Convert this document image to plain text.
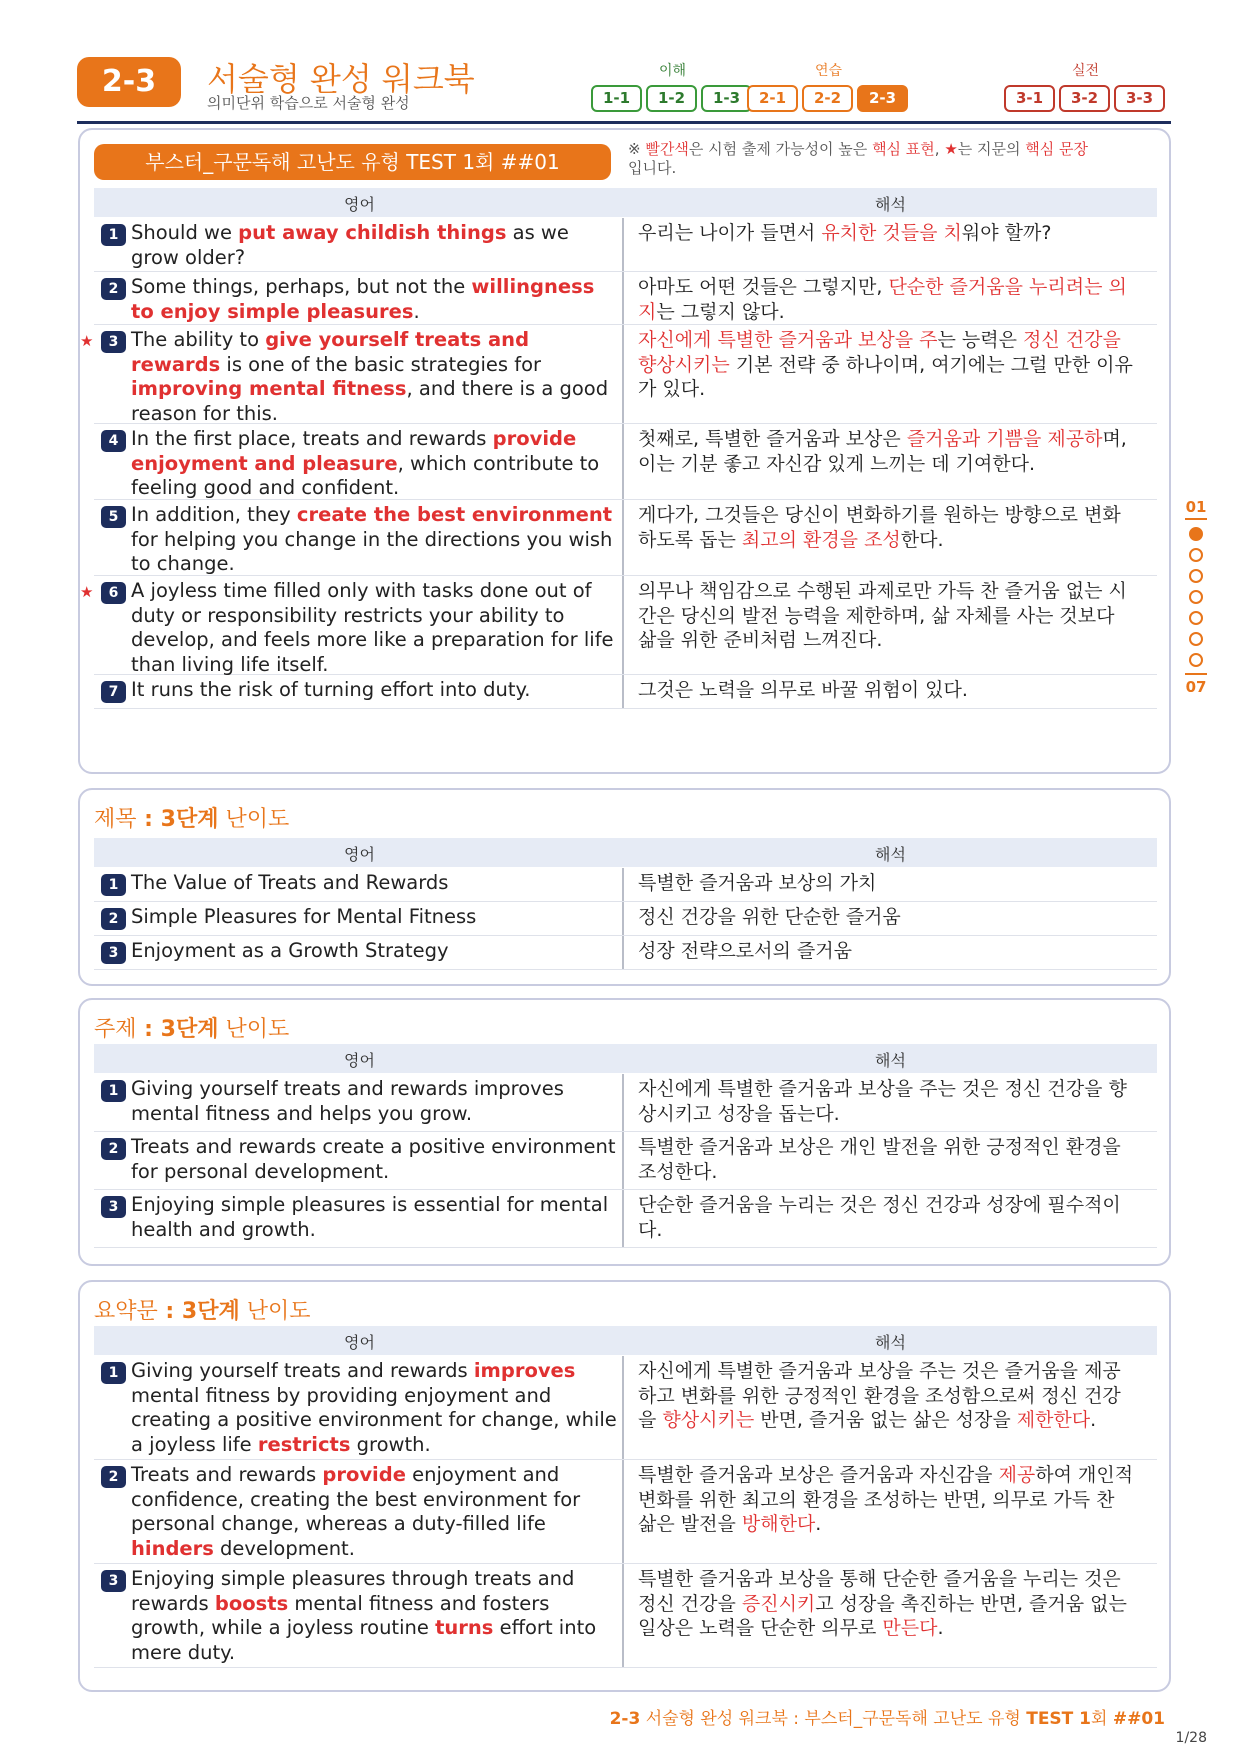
2-3	서술형 완성 워크북
의미단위 학습으로 서술형 완성
이해
1-1	1-2	1-3
연습
2-1	2-2	2-3
실전
3-1	3-2	3-3
부스터_구문독해 고난도 유형 TEST 1회 ##01
※ 빨간색은 시험 출제 가능성이 높은 핵심 표현, ★는 지문의 핵심 문장
입니다.
영어	해석
Should we put away childish things as we grow older?
1	우리는 나이가 들면서 유치한 것들을 치워야 할까?
Some things, perhaps, but not the willingness to enjoy simple pleasures.
2	아마도 어떤 것들은 그렇지만, 단순한 즐거움을 누리려는 의지는 그렇지 않다.
The ability to give yourself treats and rewards is one of the basic strategies for improving mental fitness, and there is a good reason for this.
3
★	자신에게 특별한 즐거움과 보상을 주는 능력은 정신 건강을 향상시키는 기본 전략 중 하나이며, 여기에는 그럴 만한 이유가 있다.
In the first place, treats and rewards provide enjoyment and pleasure, which contribute to feeling good and confident.
4	첫째로, 특별한 즐거움과 보상은 즐거움과 기쁨을 제공하며, 이는 기분 좋고 자신감 있게 느끼는 데 기여한다.
In addition, they create the best environment for helping you change in the directions you wish to change.
5	게다가, 그것들은 당신이 변화하기를 원하는 방향으로 변화하도록 돕는 최고의 환경을 조성한다.
A joyless time filled only with tasks done out of duty or responsibility restricts your ability to develop, and feels more like a preparation for life than living life itself.
6
★	의무나 책임감으로 수행된 과제로만 가득 찬 즐거움 없는 시간은 당신의 발전 능력을 제한하며, 삶 자체를 사는 것보다 삶을 위한 준비처럼 느껴진다.
It runs the risk of turning effort into duty.
7	그것은 노력을 의무로 바꿀 위험이 있다.
제목 : 3단계 난이도
영어	해석
The Value of Treats and Rewards
1	특별한 즐거움과 보상의 가치
Simple Pleasures for Mental Fitness
2	정신 건강을 위한 단순한 즐거움
Enjoyment as a Growth Strategy
3	성장 전략으로서의 즐거움
주제 : 3단계 난이도
영어	해석
Giving yourself treats and rewards improves mental fitness and helps you grow.
1	자신에게 특별한 즐거움과 보상을 주는 것은 정신 건강을 향상시키고 성장을 돕는다.
Treats and rewards create a positive environment for personal development.
2	특별한 즐거움과 보상은 개인 발전을 위한 긍정적인 환경을 조성한다.
Enjoying simple pleasures is essential for mental health and growth.
3	단순한 즐거움을 누리는 것은 정신 건강과 성장에 필수적이다.
요약문 : 3단계 난이도
영어	해석
Giving yourself treats and rewards improves mental fitness by providing enjoyment and creating a positive environment for change, while a joyless life restricts growth.
1	자신에게 특별한 즐거움과 보상을 주는 것은 즐거움을 제공하고 변화를 위한 긍정적인 환경을 조성함으로써 정신 건강을 향상시키는 반면, 즐거움 없는 삶은 성장을 제한한다.
Treats and rewards provide enjoyment and confidence, creating the best environment for personal change, whereas a duty-filled life hinders development.
2	특별한 즐거움과 보상은 즐거움과 자신감을 제공하여 개인적 변화를 위한 최고의 환경을 조성하는 반면, 의무로 가득 찬 삶은 발전을 방해한다.
Enjoying simple pleasures through treats and rewards boosts mental fitness and fosters growth, while a joyless routine turns effort into mere duty.
3	특별한 즐거움과 보상을 통해 단순한 즐거움을 누리는 것은 정신 건강을 증진시키고 성장을 촉진하는 반면, 즐거움 없는 일상은 노력을 단순한 의무로 만든다.
01
07
2-3 서술형 완성 워크북 : 부스터_구문독해 고난도 유형 TEST 1회 ##01
1/28
